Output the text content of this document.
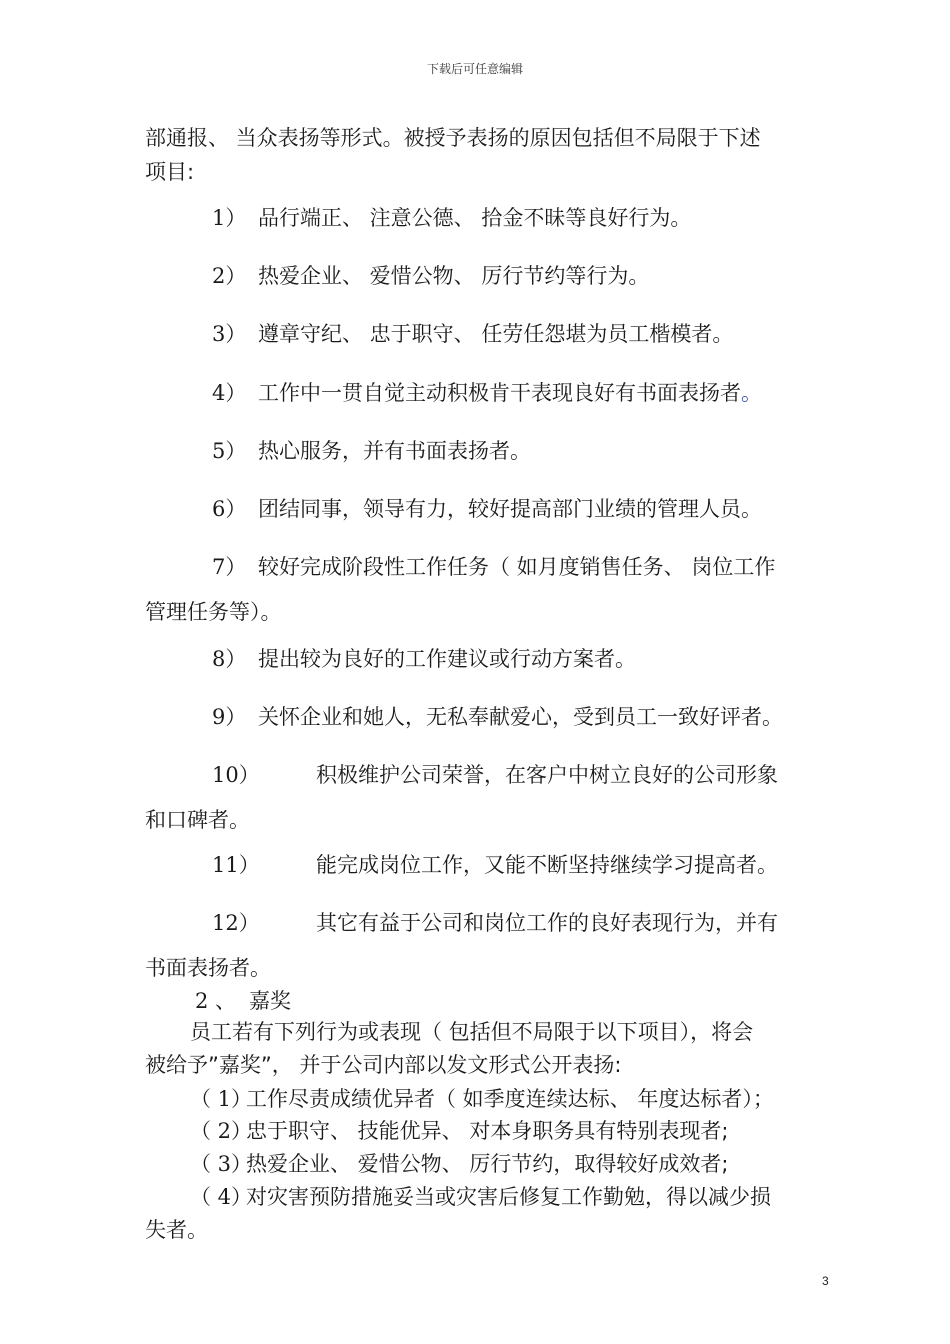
下载后可任意编辑
部通报、 当众表扬等形式。被授予表扬的原因包括但不局限于下述
项目:
1） 品行端正、 注意公德、 拾金不昧等良好行为。
2） 热爱企业、 爱惜公物、 厉行节约等行为。
3） 遵章守纪、 忠于职守、 任劳任怨堪为员工楷模者。
4） 工作中一贯自觉主动积极肯干表现良好有书面表扬者。
5） 热心服务，并有书面表扬者。
6） 团结同事，领导有力，较好提高部门业绩的管理人员。
7） 较好完成阶段性工作任务（ 如月度销售任务、 岗位工作
管理任务等）。
8） 提出较为良好的工作建议或行动方案者。
9） 关怀企业和她人，无私奉献爱心，受到员工一致好评者。
10）	积极维护公司荣誉，在客户中树立良好的公司形象
和口碑者。
11）	能完成岗位工作，又能不断坚持继续学习提高者。
12）	其它有益于公司和岗位工作的良好表现行为，并有
书面表扬者。
2 、 嘉奖
员工若有下列行为或表现（ 包括但不局限于以下项目），将会
被给予”嘉奖”， 并于公司内部以发文形式公开表扬:
（ 1）工作尽责成绩优异者（ 如季度连续达标、 年度达标者）；
（ 2）忠于职守、 技能优异、 对本身职务具有特别表现者;
（ 3）热爱企业、 爱惜公物、 厉行节约，取得较好成效者;
（ 4）对灾害预防措施妥当或灾害后修复工作勤勉，得以减少损
失者。
3
